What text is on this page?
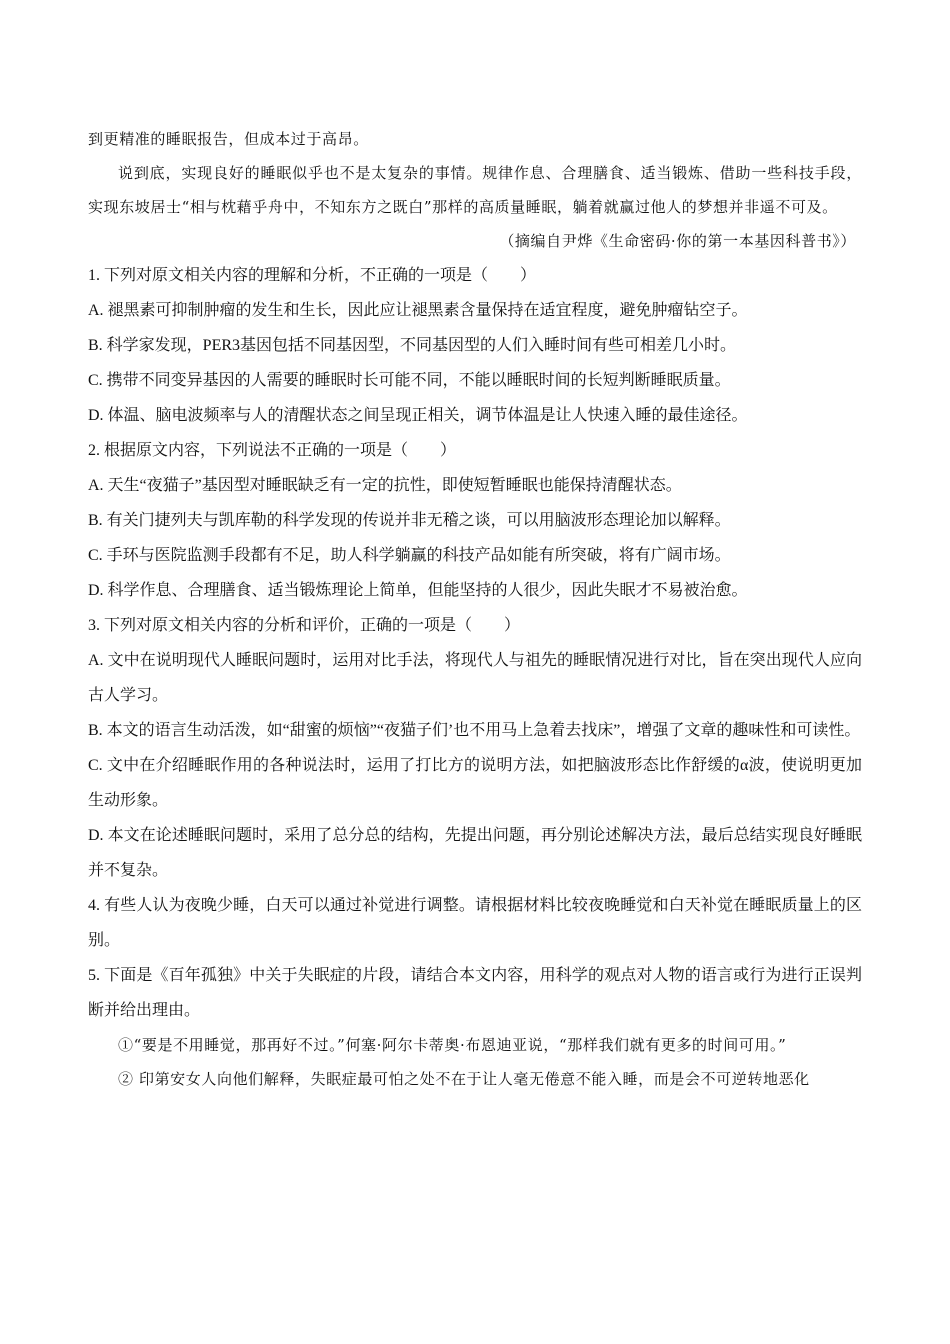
到更精准的睡眠报告，但成本过于高昂。

说到底，实现良好的睡眠似乎也不是太复杂的事情。规律作息、合理膳食、适当锻炼、借助一些科技手段，实现东坡居士“相与枕藉乎舟中，不知东方之既白”那样的高质量睡眠，躺着就赢过他人的梦想并非遥不可及。

（摘编自尹烨《生命密码·你的第一本基因科普书》）

1. 下列对原文相关内容的理解和分析，不正确的一项是（　　）

A. 褪黑素可抑制肿瘤的发生和生长，因此应让褪黑素含量保持在适宜程度，避免肿瘤钻空子。

B. 科学家发现，PER3基因包括不同基因型，不同基因型的人们入睡时间有些可相差几小时。

C. 携带不同变异基因的人需要的睡眠时长可能不同，不能以睡眠时间的长短判断睡眠质量。

D. 体温、脑电波频率与人的清醒状态之间呈现正相关，调节体温是让人快速入睡的最佳途径。

2. 根据原文内容，下列说法不正确的一项是（　　）

A. 天生“夜猫子”基因型对睡眠缺乏有一定的抗性，即使短暂睡眠也能保持清醒状态。

B. 有关门捷列夫与凯库勒的科学发现的传说并非无稽之谈，可以用脑波形态理论加以解释。

C. 手环与医院监测手段都有不足，助人科学躺赢的科技产品如能有所突破，将有广阔市场。

D. 科学作息、合理膳食、适当锻炼理论上简单，但能坚持的人很少，因此失眠才不易被治愈。

3. 下列对原文相关内容的分析和评价，正确的一项是（　　）

A. 文中在说明现代人睡眠问题时，运用对比手法，将现代人与祖先的睡眠情况进行对比，旨在突出现代人应向古人学习。

B. 本文的语言生动活泼，如“甜蜜的烦恼”“夜猫子们’也不用马上急着去找床”，增强了文章的趣味性和可读性。

C. 文中在介绍睡眠作用的各种说法时，运用了打比方的说明方法，如把脑波形态比作舒缓的α波，使说明更加生动形象。

D. 本文在论述睡眠问题时，采用了总分总的结构，先提出问题，再分别论述解决方法，最后总结实现良好睡眠并不复杂。

4. 有些人认为夜晚少睡，白天可以通过补觉进行调整。请根据材料比较夜晚睡觉和白天补觉在睡眠质量上的区别。

5. 下面是《百年孤独》中关于失眠症的片段，请结合本文内容，用科学的观点对人物的语言或行为进行正误判断并给出理由。

①“要是不用睡觉，那再好不过。”何塞·阿尔卡蒂奥·布恩迪亚说，“那样我们就有更多的时间可用。”

② 印第安女人向他们解释，失眠症最可怕之处不在于让人毫无倦意不能入睡，而是会不可逆转地恶化
